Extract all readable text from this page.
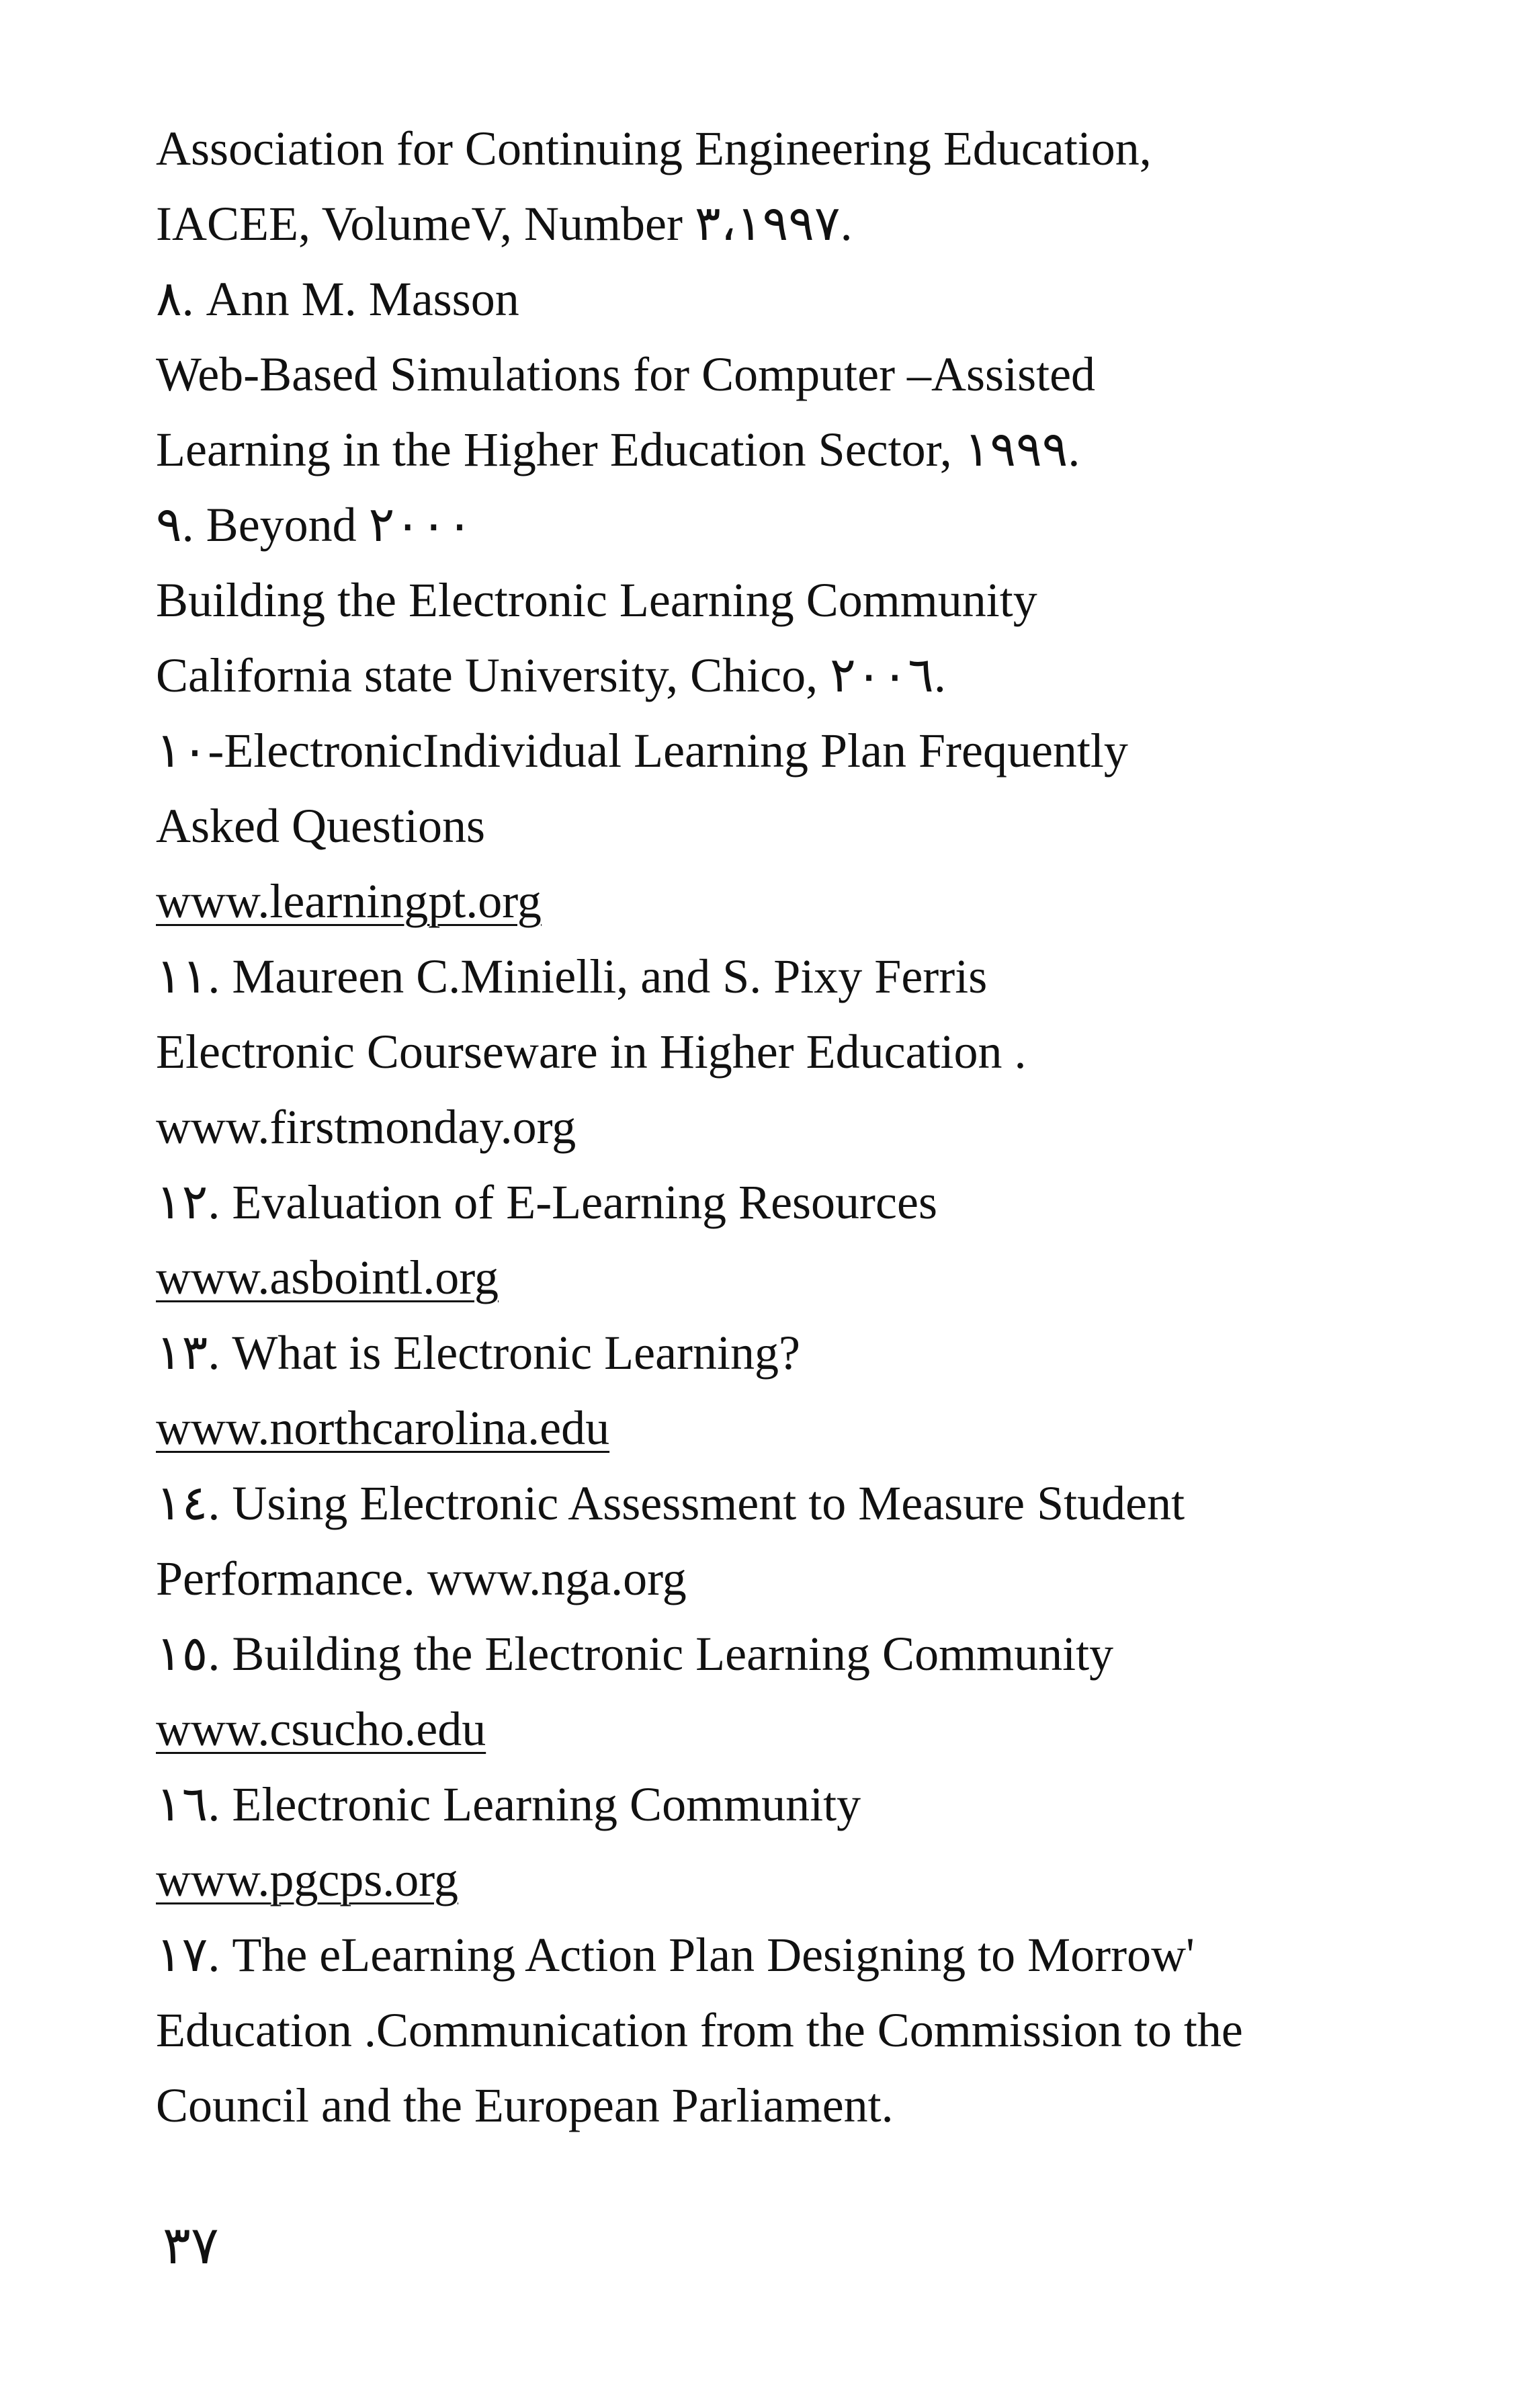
Association for Continuing Engineering Education,
IACEE, VolumeV, Number ٣،١٩٩٧.
٨. Ann M. Masson
Web-Based Simulations for Computer –Assisted
Learning in the Higher Education Sector, ١٩٩٩.
٩. Beyond ٢٠٠٠
Building the Electronic Learning Community
California state University, Chico, ٢٠٠٦.
١٠-ElectronicIndividual Learning Plan Frequently
Asked Questions
www.learningpt.org
١١. Maureen C.Minielli, and S. Pixy Ferris
Electronic Courseware in Higher Education .
www.firstmonday.org
١٢. Evaluation of E-Learning Resources
www.asbointl.org
١٣. What is Electronic Learning?
www.northcarolina.edu
١٤. Using Electronic Assessment to Measure Student
Performance. www.nga.org
١٥. Building the Electronic Learning Community
www.csucho.edu
١٦. Electronic Learning Community
www.pgcps.org
١٧. The eLearning Action Plan Designing to Morrow'
Education .Communication from the Commission to the
Council and the European Parliament.
٣٧
